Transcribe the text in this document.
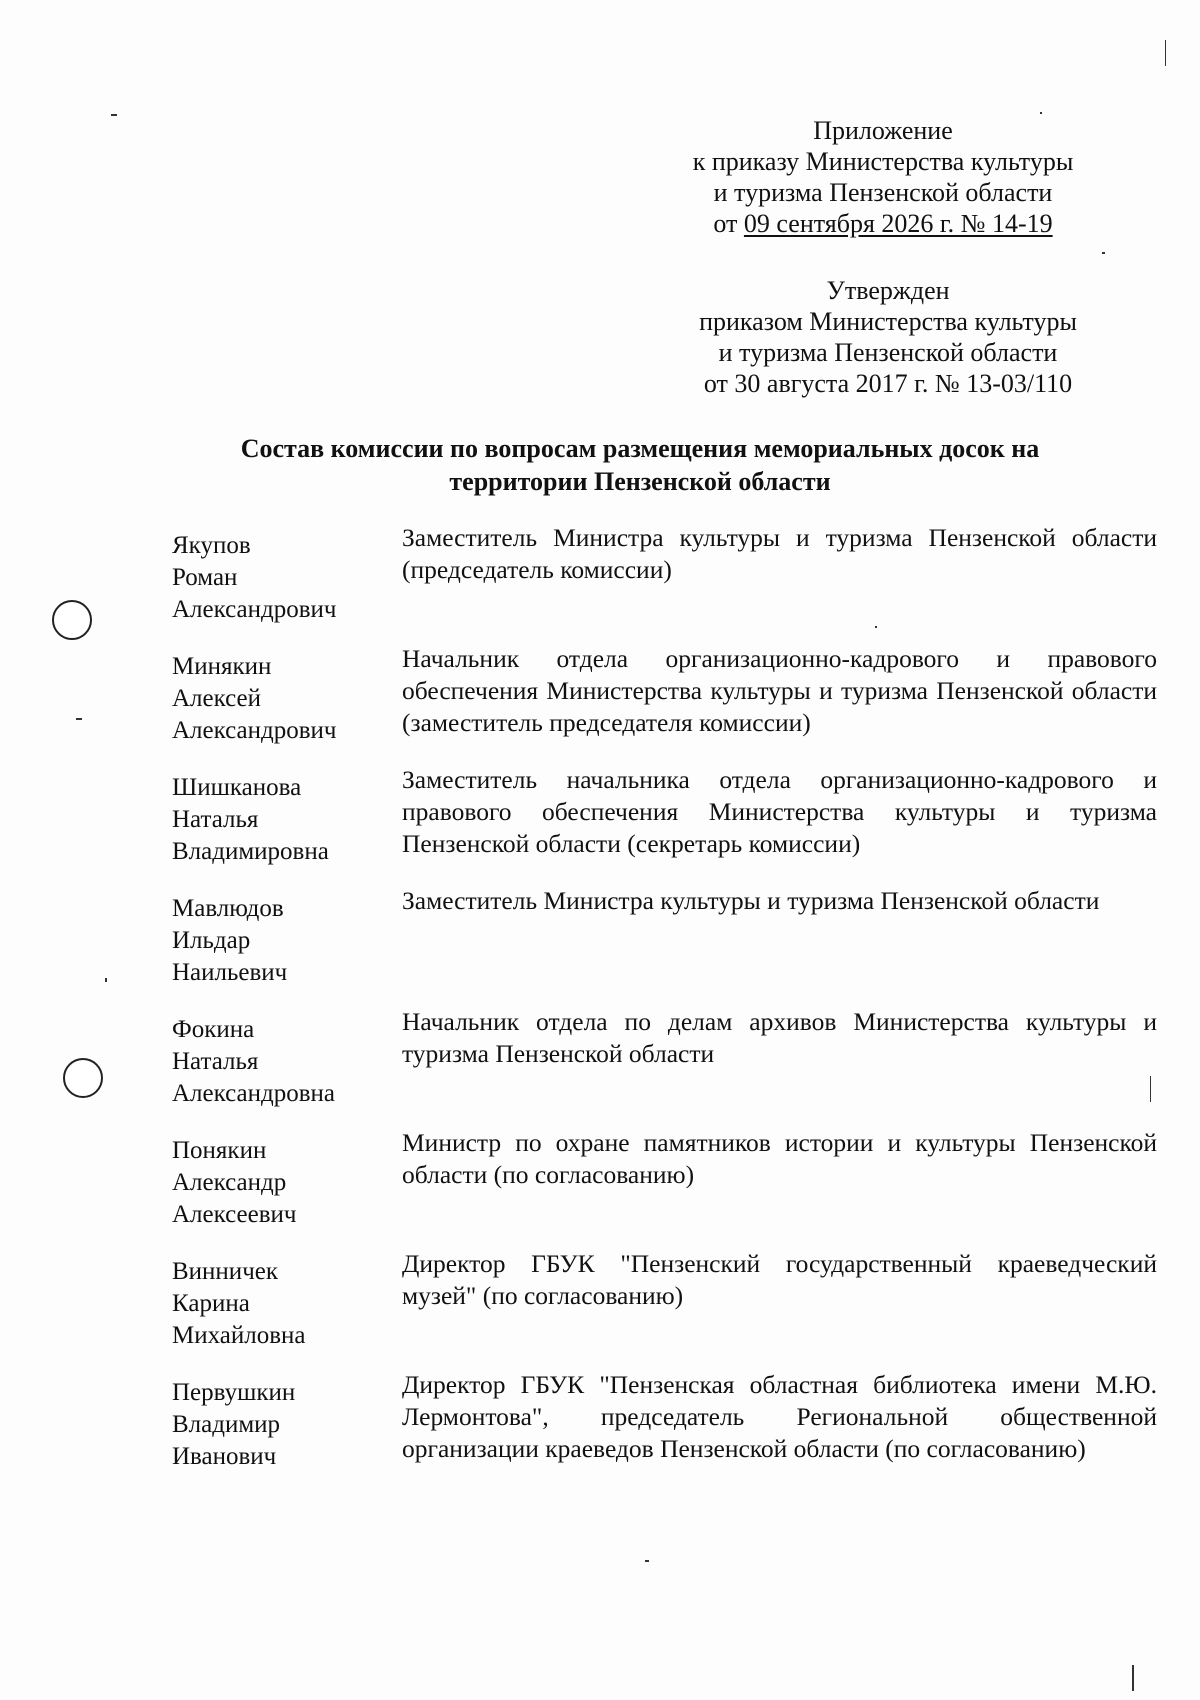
Приложение
к приказу Министерства культуры
и туризма Пензенской области
от 09 сентября 2026 г. № 14-19
Утвержден
приказом Министерства культуры
и туризма Пензенской области
от 30 августа 2017 г. № 13-03/110
Состав комиссии по вопросам размещения мемориальных досок на
территории Пензенской области
Якупов
Роман
Александрович
Заместитель Министра культуры и туризма Пензенской области (председатель комиссии)
Минякин
Алексей
Александрович
Начальник отдела организационно-кадрового и правового обеспечения Министерства культуры и туризма Пензенской области (заместитель председателя комиссии)
Шишканова
Наталья
Владимировна
Заместитель начальника отдела организационно-кадрового и правового обеспечения Министерства культуры и туризма Пензенской области (секретарь комиссии)
Мавлюдов
Ильдар
Наильевич
Заместитель Министра культуры и туризма Пензенской области
Фокина
Наталья
Александровна
Начальник отдела по делам архивов Министерства культуры и туризма Пензенской области
Понякин
Александр
Алексеевич
Министр по охране памятников истории и культуры Пензенской области (по согласованию)
Винничек
Карина
Михайловна
Директор ГБУК "Пензенский государственный краеведческий музей" (по согласованию)
Первушкин
Владимир
Иванович
Директор ГБУК "Пензенская областная библиотека имени М.Ю. Лермонтова", председатель Региональной общественной организации краеведов Пензенской области (по согласованию)
